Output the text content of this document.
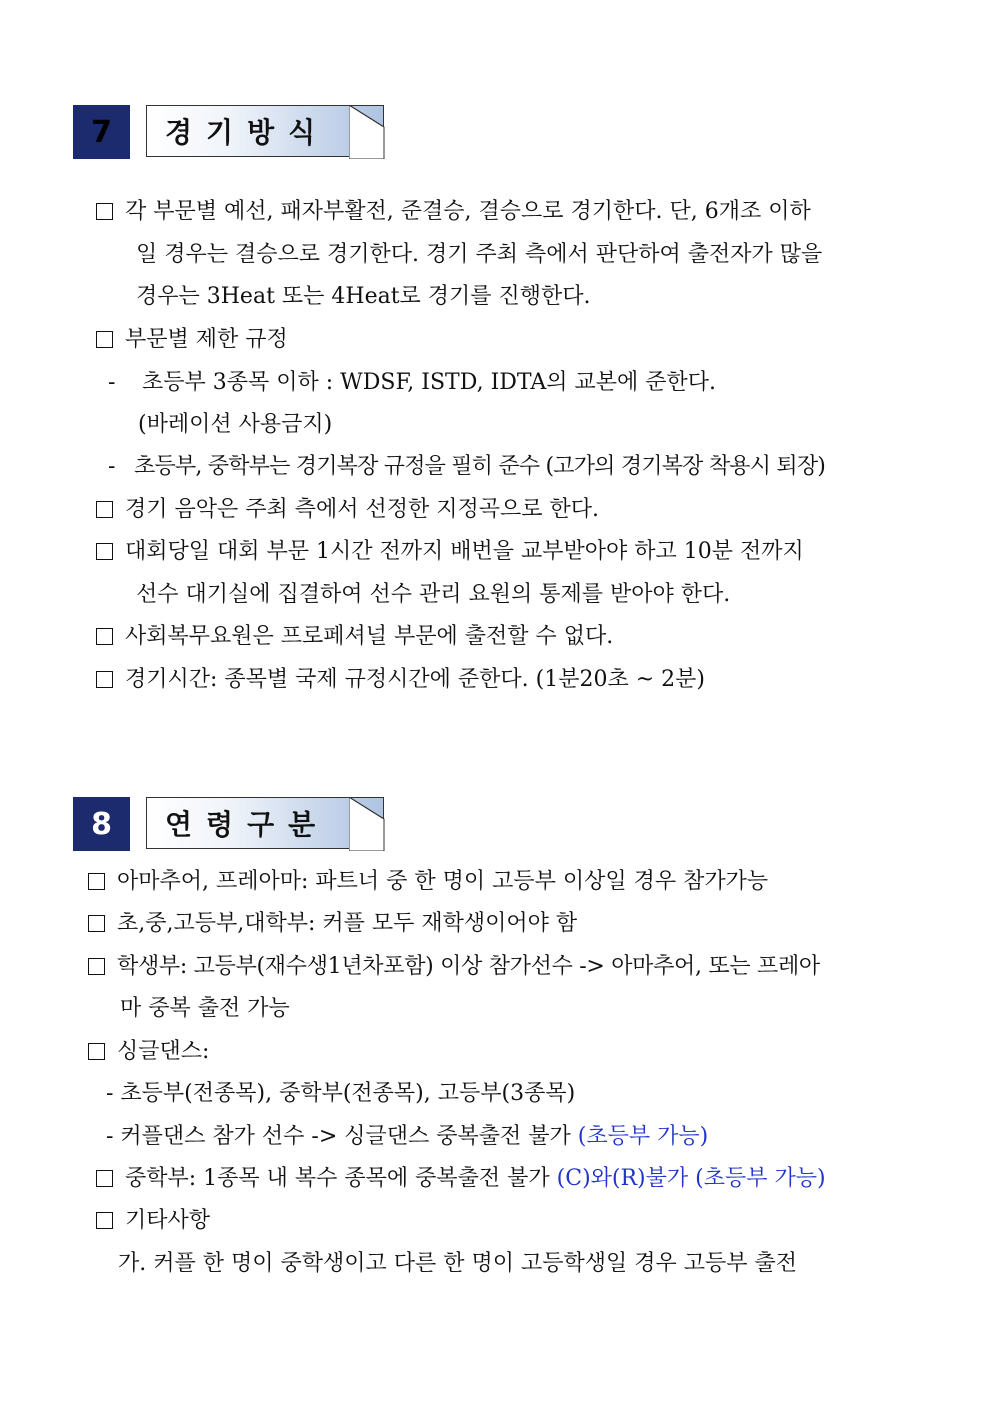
7	경기방식
각 부문별 예선, 패자부활전, 준결승, 결승으로 경기한다. 단, 6개조 이하
일 경우는 결승으로 경기한다. 경기 주최 측에서 판단하여 출전자가 많을
경우는 3Heat 또는 4Heat로 경기를 진행한다.
부문별 제한 규정
- 초등부 3종목 이하 : WDSF, ISTD, IDTA의 교본에 준한다.
(바레이션 사용금지)
- 초등부, 중학부는 경기복장 규정을 필히 준수 (고가의 경기복장 착용시 퇴장)
경기 음악은 주최 측에서 선정한 지정곡으로 한다.
대회당일 대회 부문 1시간 전까지 배번을 교부받아야 하고 10분 전까지
선수 대기실에 집결하여 선수 관리 요원의 통제를 받아야 한다.
사회복무요원은 프로페셔널 부문에 출전할 수 없다.
경기시간: 종목별 국제 규정시간에 준한다. (1분20초 ~ 2분)
8	연령구분
아마추어, 프레아마: 파트너 중 한 명이 고등부 이상일 경우 참가가능
초,중,고등부,대학부: 커플 모두 재학생이어야 함
학생부: 고등부(재수생1년차포함) 이상 참가선수 -> 아마추어, 또는 프레아
마 중복 출전 가능
싱글댄스:
- 초등부(전종목), 중학부(전종목), 고등부(3종목)
- 커플댄스 참가 선수 -> 싱글댄스 중복출전 불가 (초등부 가능)
중학부: 1종목 내 복수 종목에 중복출전 불가 (C)와(R)불가 (초등부 가능)
기타사항
가. 커플 한 명이 중학생이고 다른 한 명이 고등학생일 경우 고등부 출전
